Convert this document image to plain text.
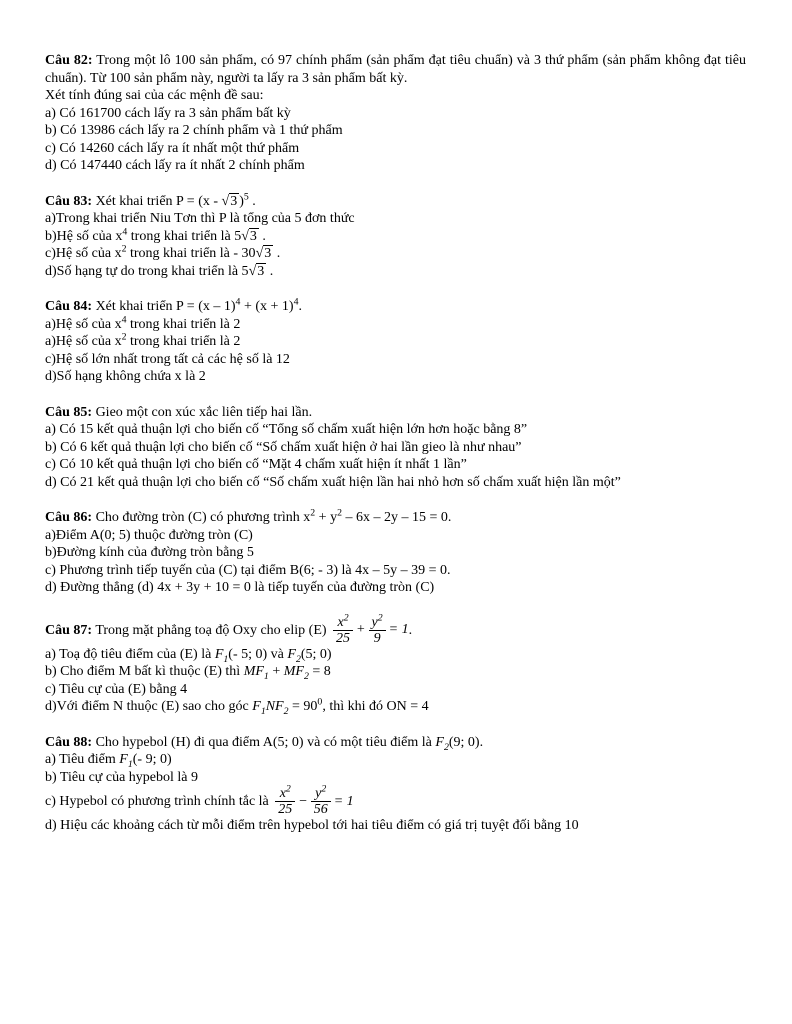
Câu 82: Trong một lô 100 sản phẩm, có 97 chính phẩm (sản phẩm đạt tiêu chuẩn) và 3 thứ phẩm (sản phẩm không đạt tiêu chuẩn). Từ 100 sản phẩm này, người ta lấy ra 3 sản phẩm bất kỳ.

Xét tính đúng sai của các mệnh đề sau:
a) Có 161700 cách lấy ra 3 sản phẩm bất kỳ
b) Có 13986 cách lấy ra 2 chính phẩm và 1 thứ phẩm
c) Có 14260 cách lấy ra ít nhất một thứ phẩm
d) Có 147440 cách lấy ra ít nhất 2 chính phẩm

Câu 83: Xét khai triển P = (x - √3 )$^5$ .

a)Trong khai triển Niu Tơn thì P là tổng của 5 đơn thức
b)Hệ số của $x^4$ trong khai triển là 5√3 .
c)Hệ số của $x^2$ trong khai triển là - 30√3 .
d)Số hạng tự do trong khai triển là 5√3 .

Câu 84: Xét khai triển $P = (x - 1)^4 + (x + 1)^4$.

a)Hệ số của $x^4$ trong khai triển là 2
a)Hệ số của $x^2$ trong khai triển là 2
c)Hệ số lớn nhất trong tất cả các hệ số là 12
d)Số hạng không chứa x là 2

Câu 85: Gieo một con xúc xắc liên tiếp hai lần.

a) Có 15 kết quả thuận lợi cho biến cố “Tổng số chấm xuất hiện lớn hơn hoặc bằng 8”
b) Có 6 kết quả thuận lợi cho biến cố “Số chấm xuất hiện ở hai lần gieo là như nhau”
c) Có 10 kết quả thuận lợi cho biến cố “Mặt 4 chấm xuất hiện ít nhất 1 lần”
d) Có 21 kết quả thuận lợi cho biến cố “Số chấm xuất hiện lần hai nhỏ hơn số chấm xuất hiện lần một”

Câu 86: Cho đường tròn (C) có phương trình $x^2 + y^2 - 6x - 2y - 15 = 0$.

a)Điểm A(0; 5) thuộc đường tròn (C)
b)Đường kính của đường tròn bằng 5
c) Phương trình tiếp tuyến của (C) tại điểm B(6; - 3) là 4x – 5y – 39 = 0.
d) Đường thẳng (d) 4x + 3y + 10 = 0 là tiếp tuyến của đường tròn (C)

Câu 87: Trong mặt phẳng toạ độ Oxy cho elip $(E) \frac{x^2}{25} + \frac{y^2}{9} = 1$.

a) Toạ độ tiêu điểm của (E) là $F_1(-$ 5; 0) và $F_2(5$; 0)
b) Cho điểm M bất kì thuộc (E) thì $MF_1 + MF_2 = 8$
c) Tiêu cự của (E) bằng 4
d)Với điểm N thuộc (E) sao cho góc $F_1NF_2 = 90^0$, thì khi đó ON = 4

Câu 88: Cho hypebol (H) đi qua điểm A(5; 0) và có một tiêu điểm là $F_2(9$; 0).

a) Tiêu điểm $F_1(-$ 9; 0)
b) Tiêu cự của hypebol là 9
c) Hypebol có phương trình chính tắc là $\frac{x^2}{25} - \frac{y^2}{56} = 1$
d) Hiệu các khoảng cách từ mỗi điểm trên hypebol tới hai tiêu điểm có giá trị tuyệt đối bằng 10
